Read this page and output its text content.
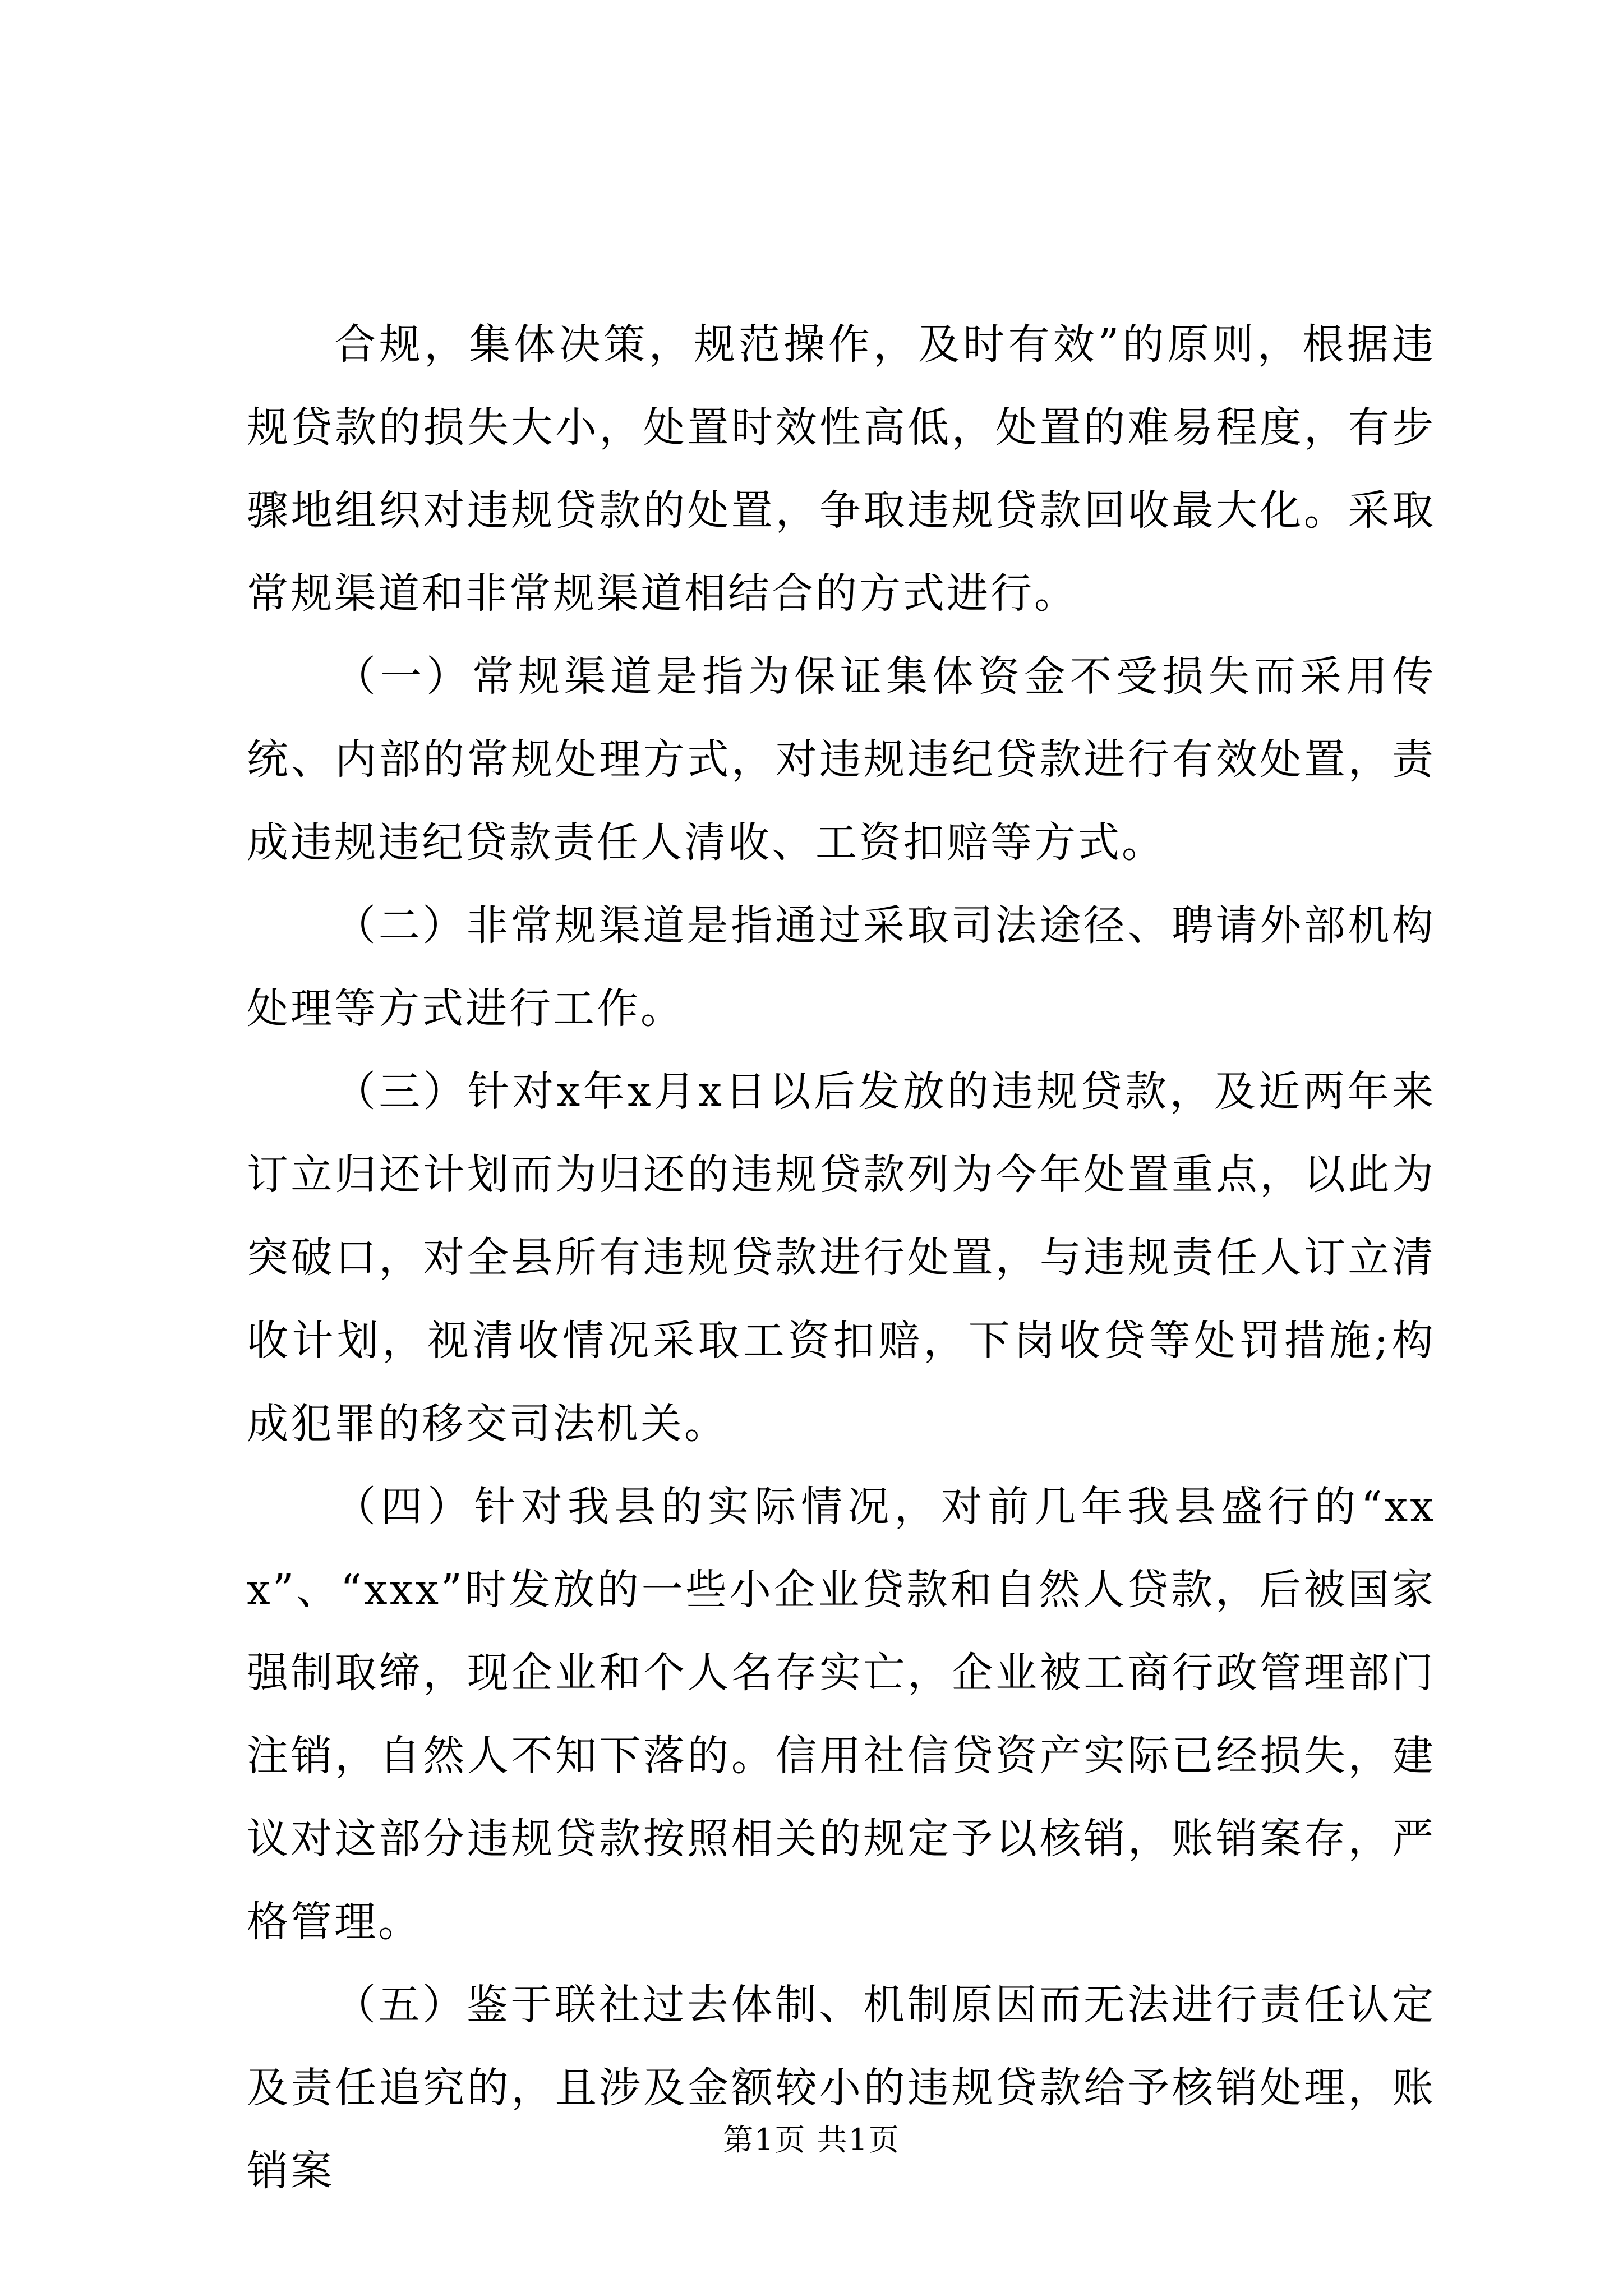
合规，集体决策，规范操作，及时有效”的原则，根据违规贷款的损失大小，处置时效性高低，处置的难易程度，有步骤地组织对违规贷款的处置，争取违规贷款回收最大化。采取常规渠道和非常规渠道相结合的方式进行。

（一）常规渠道是指为保证集体资金不受损失而采用传统、内部的常规处理方式，对违规违纪贷款进行有效处置，责成违规违纪贷款责任人清收、工资扣赔等方式。

（二）非常规渠道是指通过采取司法途径、聘请外部机构处理等方式进行工作。

（三）针对x年x月x日以后发放的违规贷款，及近两年来订立归还计划而为归还的违规贷款列为今年处置重点，以此为突破口，对全县所有违规贷款进行处置，与违规责任人订立清收计划，视清收情况采取工资扣赔，下岗收贷等处罚措施;构成犯罪的移交司法机关。

（四）针对我县的实际情况，对前几年我县盛行的“xxx”、“xxx”时发放的一些小企业贷款和自然人贷款，后被国家强制取缔，现企业和个人名存实亡，企业被工商行政管理部门注销，自然人不知下落的。信用社信贷资产实际已经损失，建议对这部分违规贷款按照相关的规定予以核销，账销案存，严格管理。

（五）鉴于联社过去体制、机制原因而无法进行责任认定及责任追究的，且涉及金额较小的违规贷款给予核销处理，账销案

第1页 共1页
